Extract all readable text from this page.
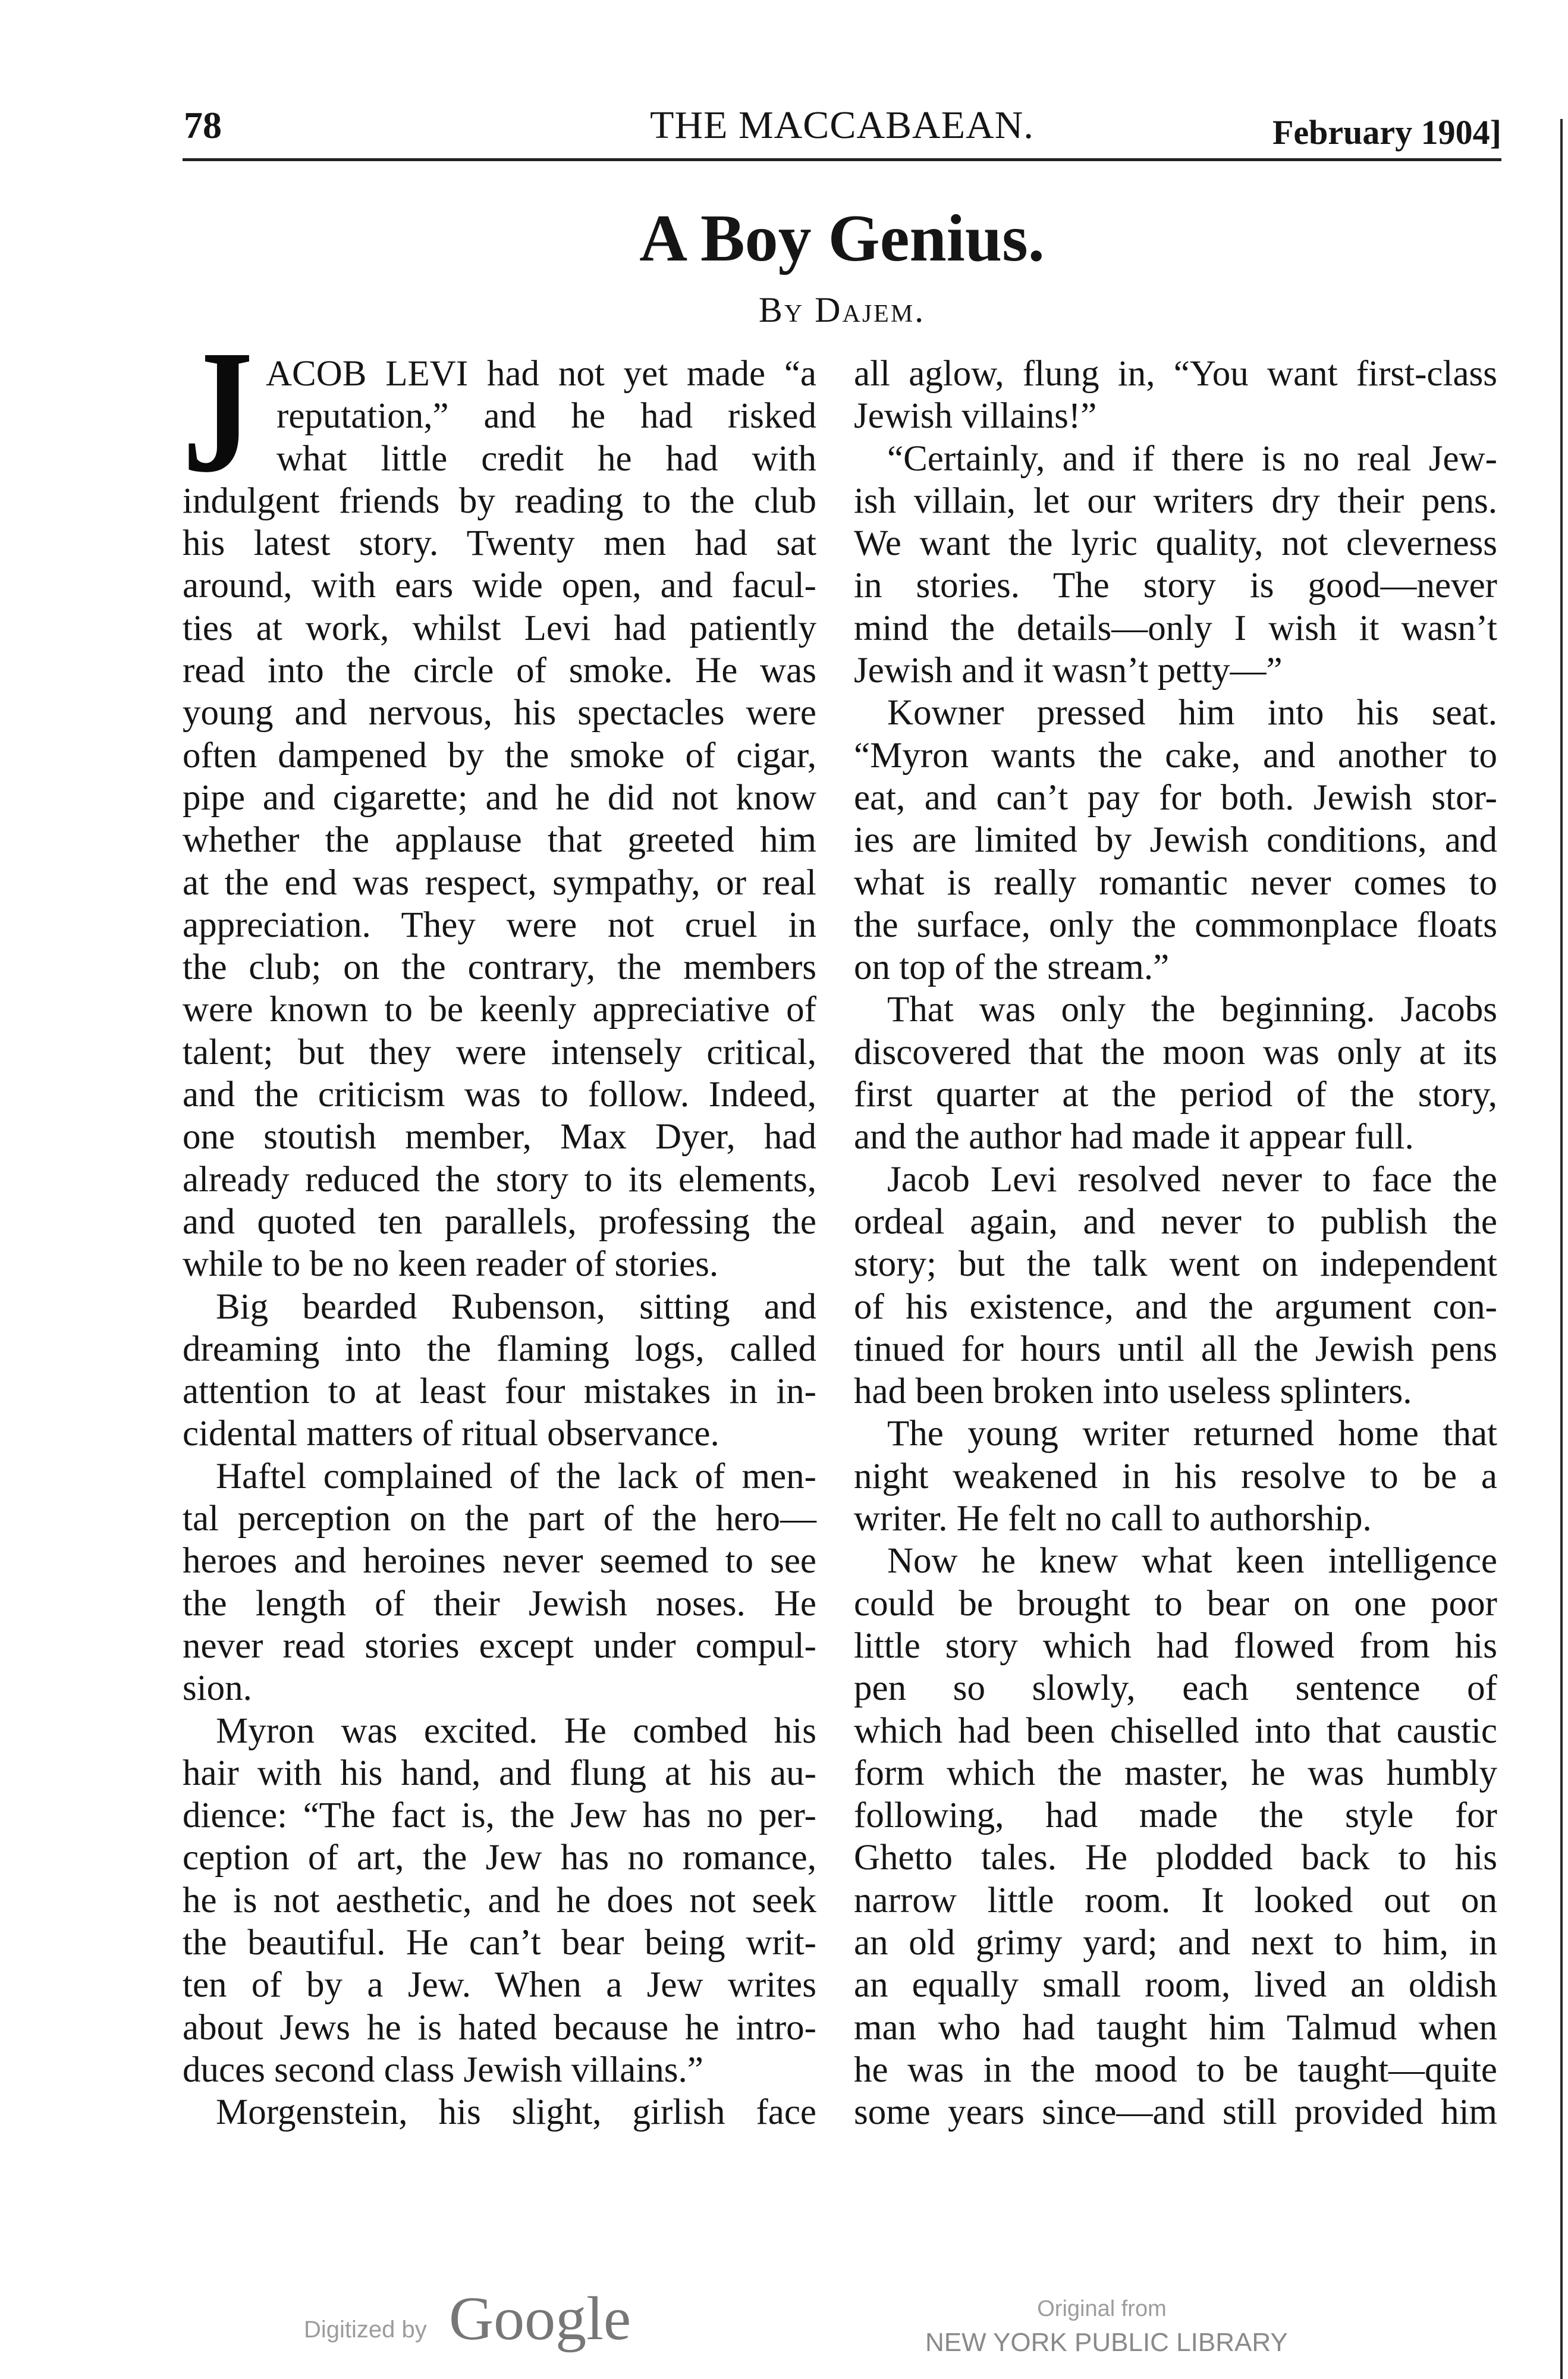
78	THE MACCABAEAN.	February 1904]
A Boy Genius.
By Dajem.
J ACOB LEVI had not yet made “a
reputation,” and he had risked
what little credit he had with
indulgent friends by reading to the club
his latest story. Twenty men had sat
around, with ears wide open, and facul-
ties at work, whilst Levi had patiently
read into the circle of smoke. He was
young and nervous, his spectacles were
often dampened by the smoke of cigar,
pipe and cigarette; and he did not know
whether the applause that greeted him
at the end was respect, sympathy, or real
appreciation. They were not cruel in
the club; on the contrary, the members
were known to be keenly appreciative of
talent; but they were intensely critical,
and the criticism was to follow. Indeed,
one stoutish member, Max Dyer, had
already reduced the story to its elements,
and quoted ten parallels, professing the
while to be no keen reader of stories.
Big bearded Rubenson, sitting and
dreaming into the flaming logs, called
attention to at least four mistakes in in-
cidental matters of ritual observance.
Haftel complained of the lack of men-
tal perception on the part of the hero—
heroes and heroines never seemed to see
the length of their Jewish noses. He
never read stories except under compul-
sion.
Myron was excited. He combed his
hair with his hand, and flung at his au-
dience: “The fact is, the Jew has no per-
ception of art, the Jew has no romance,
he is not aesthetic, and he does not seek
the beautiful. He can’t bear being writ-
ten of by a Jew. When a Jew writes
about Jews he is hated because he intro-
duces second class Jewish villains.”
Morgenstein, his slight, girlish face
all aglow, flung in, “You want first-class
Jewish villains!”
“Certainly, and if there is no real Jew-
ish villain, let our writers dry their pens.
We want the lyric quality, not cleverness
in stories. The story is good—never
mind the details—only I wish it wasn’t
Jewish and it wasn’t petty—”
Kowner pressed him into his seat.
“Myron wants the cake, and another to
eat, and can’t pay for both. Jewish stor-
ies are limited by Jewish conditions, and
what is really romantic never comes to
the surface, only the commonplace floats
on top of the stream.”
That was only the beginning. Jacobs
discovered that the moon was only at its
first quarter at the period of the story,
and the author had made it appear full.
Jacob Levi resolved never to face the
ordeal again, and never to publish the
story; but the talk went on independent
of his existence, and the argument con-
tinued for hours until all the Jewish pens
had been broken into useless splinters.
The young writer returned home that
night weakened in his resolve to be a
writer. He felt no call to authorship.
Now he knew what keen intelligence
could be brought to bear on one poor
little story which had flowed from his
pen so slowly, each sentence of
which had been chiselled into that caustic
form which the master, he was humbly
following, had made the style for
Ghetto tales. He plodded back to his
narrow little room. It looked out on
an old grimy yard; and next to him, in
an equally small room, lived an oldish
man who had taught him Talmud when
he was in the mood to be taught—quite
some years since—and still provided him
Digitized by Google	Original from
NEW YORK PUBLIC LIBRARY
